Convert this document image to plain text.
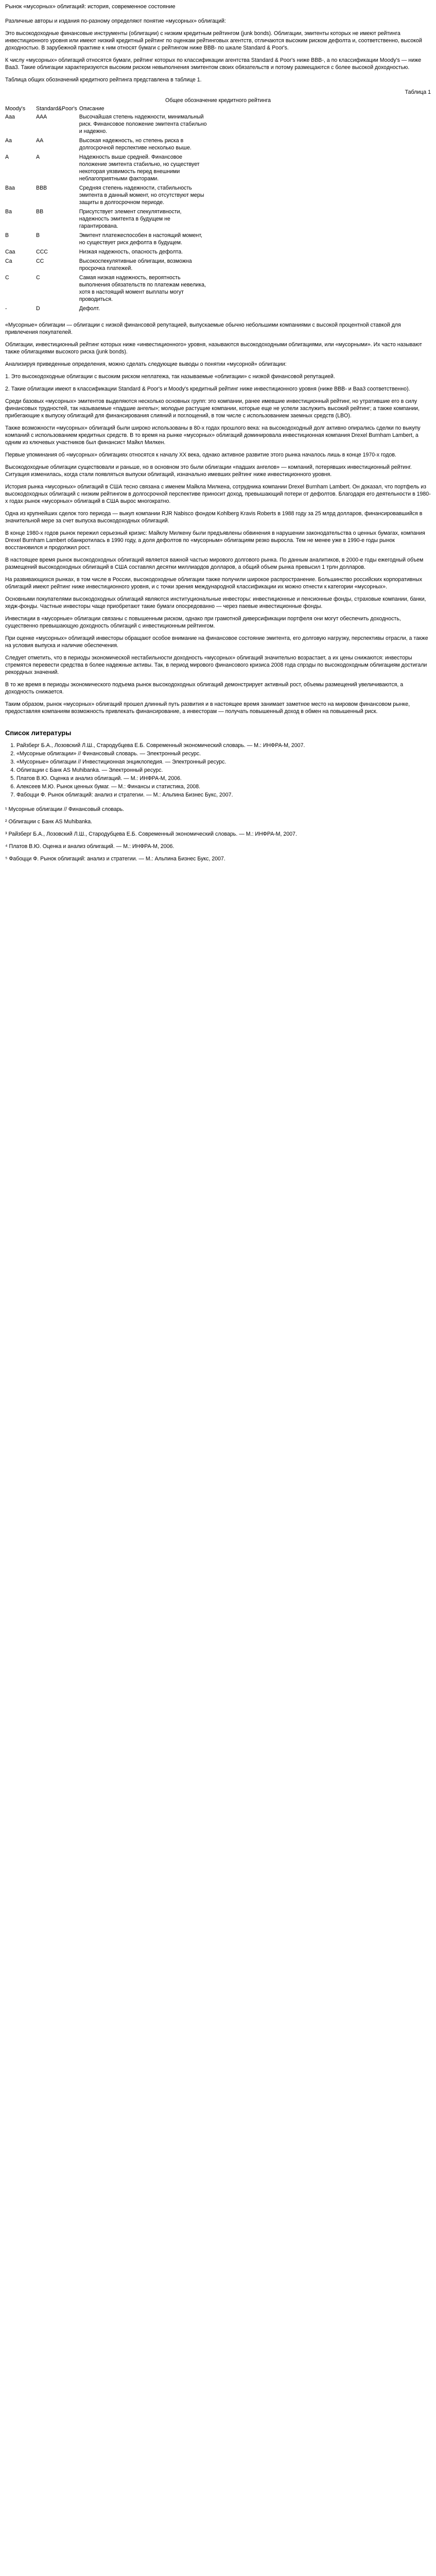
Рынок «мусорных» облигаций: история, современное состояние

Различные авторы и издания по-разному определяют понятие «мусорных» облигаций:

Это высокодоходные финансовые инструменты (облигации) с низким кредитным рейтингом (junk bonds). Облигации, эмитенты которых не имеют рейтинга инвестиционного уровня или имеют низкий кредитный рейтинг по оценкам рейтинговых агентств, отличаются высоким риском дефолта и, соответственно, высокой доходностью. В зарубежной практике к ним относят бумаги с рейтингом ниже BBB- по шкале Standard & Poor's.

К числу «мусорных» облигаций относятся бумаги, рейтинг которых по классификации агентства Standard & Poor's ниже BBB-, а по классификации Moody's — ниже Baa3. Такие облигации характеризуются высоким риском невыполнения эмитентом своих обязательств и потому размещаются с более высокой доходностью.

Таблица общих обозначений кредитного рейтинга представлена в таблице 1.

Таблица 1
Общее обозначение кредитного рейтинга
Moody's	Standard&Poor's	Описание
Aaa	AAA	Высочайшая степень надежности, минимальный риск. Финансовое положение эмитента стабильно и надежно.
Aa	AA	Высокая надежность, но степень риска в долгосрочной перспективе несколько выше.
A	A	Надежность выше средней. Финансовое положение эмитента стабильно, но существует некоторая уязвимость перед внешними неблагоприятными факторами.
Baa	BBB	Средняя степень надежности, стабильность эмитента в данный момент, но отсутствуют меры защиты в долгосрочном периоде.
Ba	BB	Присутствует элемент спекулятивности, надежность эмитента в будущем не гарантирована.
B	B	Эмитент платежеспособен в настоящий момент, но существует риск дефолта в будущем.
Caa	CCC	Низкая надежность, опасность дефолта.
Ca	CC	Высокоспекулятивные облигации, возможна просрочка платежей.
C	C	Самая низкая надежность, вероятность выполнения обязательств по платежам невелика, хотя в настоящий момент выплаты могут проводиться.
-	D	Дефолт.

«Мусорные» облигации — облигации с низкой финансовой репутацией, выпускаемые обычно небольшими компаниями с высокой процентной ставкой для привлечения покупателей.

Облигации, инвестиционный рейтинг которых ниже «инвестиционного» уровня, называются высокодоходными облигациями, или «мусорными». Их часто называют также облигациями высокого риска (junk bonds).

Анализируя приведенные определения, можно сделать следующие выводы о понятии «мусорной» облигации:

1. Это высокодоходные облигации с высоким риском неплатежа, так называемые «облигации» с низкой финансовой репутацией.

2. Такие облигации имеют в классификации Standard & Poor's и Moody's кредитный рейтинг ниже инвестиционного уровня (ниже BBB- и Baa3 соответственно).

Среди базовых «мусорных» эмитентов выделяются несколько основных групп: это компании, ранее имевшие инвестиционный рейтинг, но утратившие его в силу финансовых трудностей, так называемые «падшие ангелы»; молодые растущие компании, которые еще не успели заслужить высокий рейтинг; а также компании, прибегающие к выпуску облигаций для финансирования слияний и поглощений, в том числе с использованием заемных средств (LBO).

Также возможности «мусорных» облигаций были широко использованы в 80-х годах прошлого века: на высокодоходный долг активно опирались сделки по выкупу компаний с использованием кредитных средств. В то время на рынке «мусорных» облигаций доминировала инвестиционная компания Drexel Burnham Lambert, а одним из ключевых участников был финансист Майкл Милкен.

Первые упоминания об «мусорных» облигациях относятся к началу XX века, однако активное развитие этого рынка началось лишь в конце 1970-х годов.

Высокодоходные облигации существовали и раньше, но в основном это были облигации «падших ангелов» — компаний, потерявших инвестиционный рейтинг. Ситуация изменилась, когда стали появляться выпуски облигаций, изначально имевших рейтинг ниже инвестиционного уровня.

История рынка «мусорных» облигаций в США тесно связана с именем Майкла Милкена, сотрудника компании Drexel Burnham Lambert. Он доказал, что портфель из высокодоходных облигаций с низким рейтингом в долгосрочной перспективе приносит доход, превышающий потери от дефолтов. Благодаря его деятельности в 1980-х годах рынок «мусорных» облигаций в США вырос многократно.

Одна из крупнейших сделок того периода — выкуп компании RJR Nabisco фондом Kohlberg Kravis Roberts в 1988 году за 25 млрд долларов, финансировавшийся в значительной мере за счет выпуска высокодоходных облигаций.

В конце 1980-х годов рынок пережил серьезный кризис: Майклу Милкену были предъявлены обвинения в нарушении законодательства о ценных бумагах, компания Drexel Burnham Lambert обанкротилась в 1990 году, а доля дефолтов по «мусорным» облигациям резко выросла. Тем не менее уже в 1990-е годы рынок восстановился и продолжил рост.

В настоящее время рынок высокодоходных облигаций является важной частью мирового долгового рынка. По данным аналитиков, в 2000-е годы ежегодный объем размещений высокодоходных облигаций в США составлял десятки миллиардов долларов, а общий объем рынка превысил 1 трлн долларов.

На развивающихся рынках, в том числе в России, высокодоходные облигации также получили широкое распространение. Большинство российских корпоративных облигаций имеют рейтинг ниже инвестиционного уровня, и с точки зрения международной классификации их можно отнести к категории «мусорных».

Основными покупателями высокодоходных облигаций являются институциональные инвесторы: инвестиционные и пенсионные фонды, страховые компании, банки, хедж-фонды. Частные инвесторы чаще приобретают такие бумаги опосредованно — через паевые инвестиционные фонды.

Инвестиции в «мусорные» облигации связаны с повышенным риском, однако при грамотной диверсификации портфеля они могут обеспечить доходность, существенно превышающую доходность облигаций с инвестиционным рейтингом.

При оценке «мусорных» облигаций инвесторы обращают особое внимание на финансовое состояние эмитента, его долговую нагрузку, перспективы отрасли, а также на условия выпуска и наличие обеспечения.

Следует отметить, что в периоды экономической нестабильности доходность «мусорных» облигаций значительно возрастает, а их цены снижаются: инвесторы стремятся перевести средства в более надежные активы. Так, в период мирового финансового кризиса 2008 года спрэды по высокодоходным облигациям достигали рекордных значений.

В то же время в периоды экономического подъема рынок высокодоходных облигаций демонстрирует активный рост, объемы размещений увеличиваются, а доходность снижается.

Таким образом, рынок «мусорных» облигаций прошел длинный путь развития и в настоящее время занимает заметное место на мировом финансовом рынке, предоставляя компаниям возможность привлекать финансирование, а инвесторам — получать повышенный доход в обмен на повышенный риск.

Список литературы
1. Райзберг Б.А., Лозовский Л.Ш., Стародубцева Е.Б. Современный экономический словарь. — М.: ИНФРА-М, 2007.
2. «Мусорные облигации» // Финансовый словарь. — Электронный ресурс.
3. «Мусорные» облигации // Инвестиционная энциклопедия. — Электронный ресурс.
4. Облигации с Банк АS Muhibanka. — Электронный ресурс.
5. Платов В.Ю. Оценка и анализ облигаций. — М.: ИНФРА-М, 2006.
6. Алексеев М.Ю. Рынок ценных бумаг. — М.: Финансы и статистика, 2008.
7. Фабоцци Ф. Рынок облигаций: анализ и стратегии. — М.: Альпина Бизнес Букс, 2007.

¹ Мусорные облигации // Финансовый словарь.

² Облигации с Банк АS Muhibanka.

³ Райзберг Б.А., Лозовский Л.Ш., Стародубцева Е.Б. Современный экономический словарь. — М.: ИНФРА-М, 2007.

⁴ Платов В.Ю. Оценка и анализ облигаций. — М.: ИНФРА-М, 2006.

⁵ Фабоцци Ф. Рынок облигаций: анализ и стратегии. — М.: Альпина Бизнес Букс, 2007.
